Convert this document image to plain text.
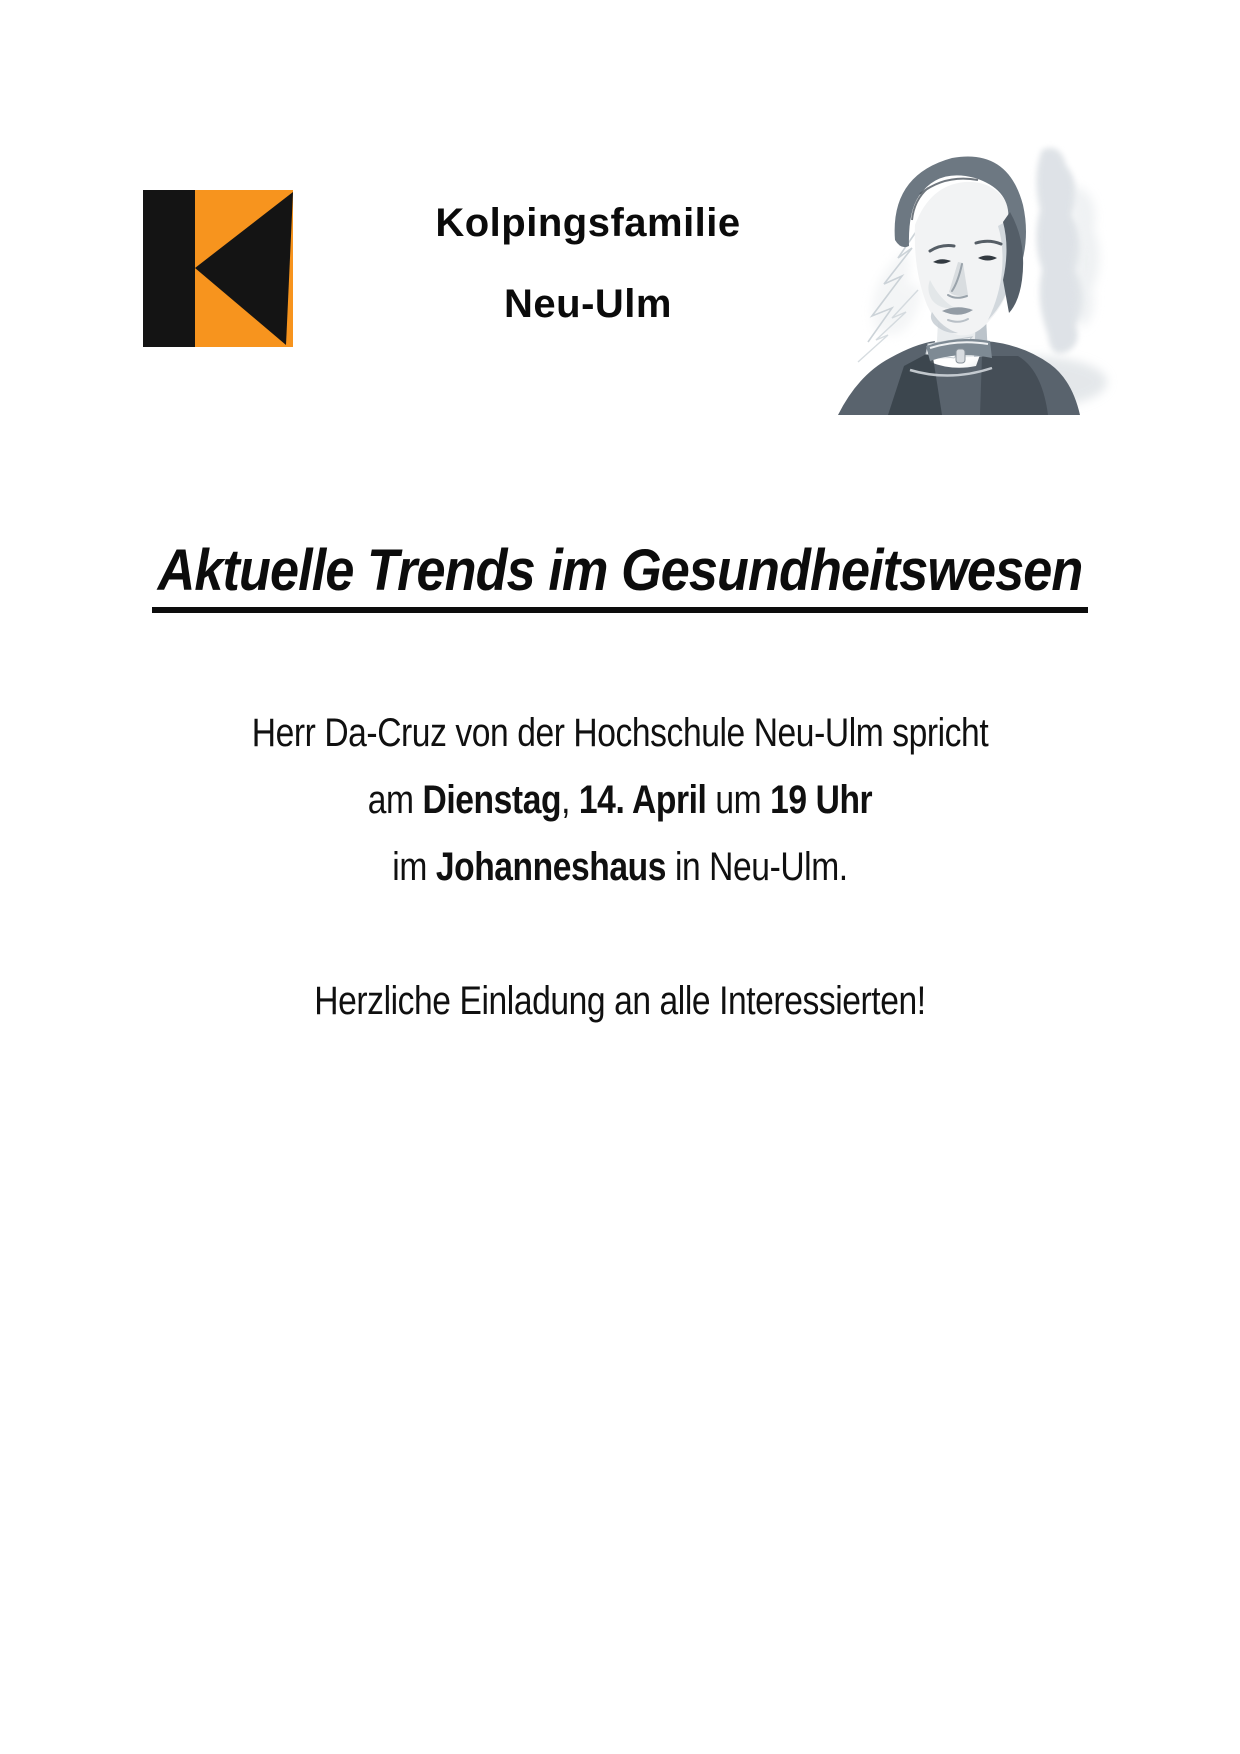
Kolpingsfamilie
Neu-Ulm
Aktuelle Trends im Gesundheitswesen
Herr Da-Cruz von der Hochschule Neu-Ulm spricht
am Dienstag, 14. April um 19 Uhr
im Johanneshaus in Neu-Ulm.
Herzliche Einladung an alle Interessierten!
